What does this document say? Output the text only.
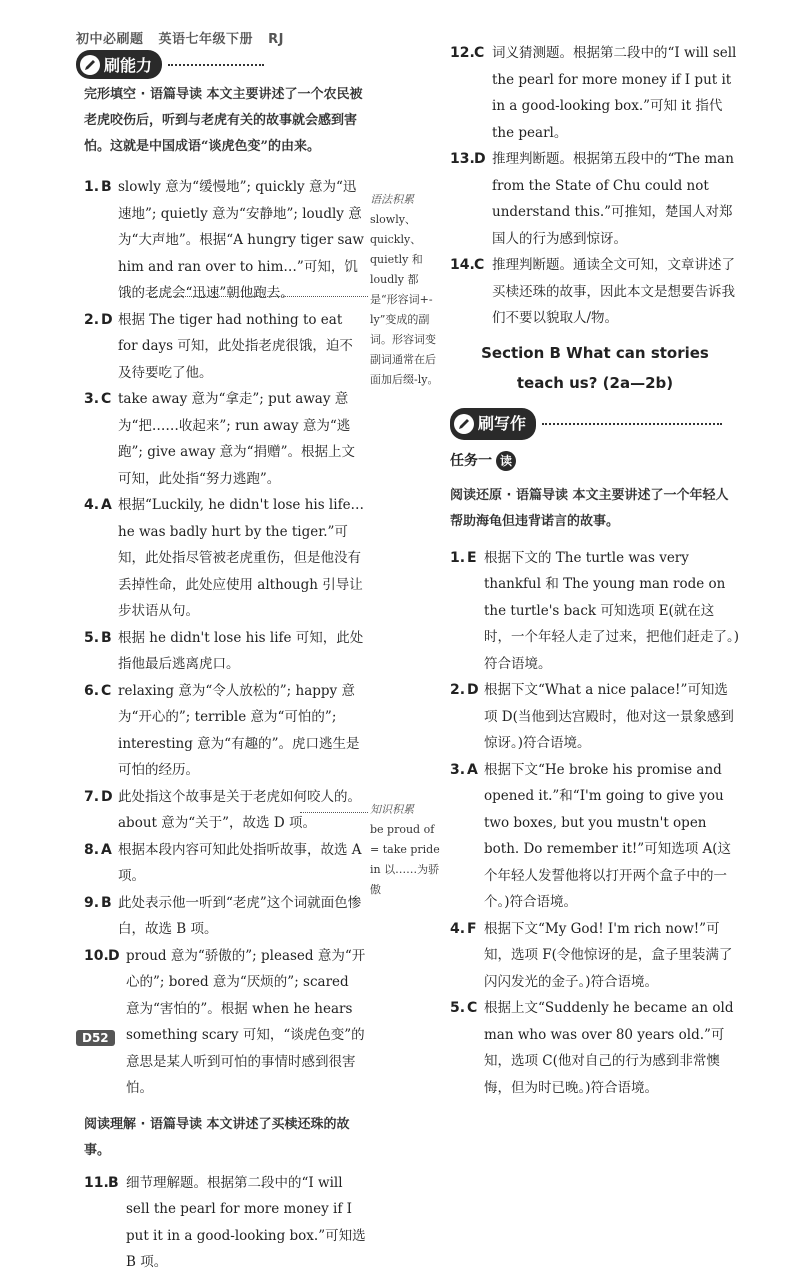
初中必刷题 英语七年级下册 RJ
刷能力
完形填空 · 语篇导读 本文主要讲述了一个农民被老虎咬伤后，听到与老虎有关的故事就会感到害怕。这就是中国成语“谈虎色变”的由来。
1. B slowly 意为“缓慢地”; quickly 意为“迅速地”; quietly 意为“安静地”; loudly 意为“大声地”。根据“A hungry tiger saw him and ran over to him…”可知，饥饿的老虎会“迅速”朝他跑去。
2. D 根据 The tiger had nothing to eat for days 可知，此处指老虎很饿，迫不及待要吃了他。
3. C take away 意为“拿走”; put away 意为“把……收起来”; run away 意为“逃跑”; give away 意为“捐赠”。根据上文可知，此处指“努力逃跑”。
4. A 根据“Luckily, he didn't lose his life… he was badly hurt by the tiger.”可知，此处指尽管被老虎重伤，但是他没有丢掉性命，此处应使用 although 引导让步状语从句。
5. B 根据 he didn't lose his life 可知，此处指他最后逃离虎口。
6. C relaxing 意为“令人放松的”; happy 意为“开心的”; terrible 意为“可怕的”; interesting 意为“有趣的”。虎口逃生是可怕的经历。
7. D 此处指这个故事是关于老虎如何咬人的。about 意为“关于”，故选 D 项。
8. A 根据本段内容可知此处指听故事，故选 A 项。
9. B 此处表示他一听到“老虎”这个词就面色惨白，故选 B 项。
10. D proud 意为“骄傲的”; pleased 意为“开心的”; bored 意为“厌烦的”; scared 意为“害怕的”。根据 when he hears something scary 可知，“谈虎色变”的意思是某人听到可怕的事情时感到很害怕。
阅读理解 · 语篇导读 本文讲述了买椟还珠的故事。
11. B 细节理解题。根据第二段中的“I will sell the pearl for more money if I put it in a good-looking box.”可知选 B 项。
语法积累
slowly、quickly、quietly 和 loudly 都是“形容词+-ly”变成的副词。形容词变副词通常在后面加后缀-ly。
知识积累
be proud of = take pride in 以……为骄傲
12. C 词义猜测题。根据第二段中的“I will sell the pearl for more money if I put it in a good-looking box.”可知 it 指代 the pearl。
13. D 推理判断题。根据第五段中的“The man from the State of Chu could not understand this.”可推知，楚国人对郑国人的行为感到惊讶。
14. C 推理判断题。通读全文可知，文章讲述了买椟还珠的故事，因此本文是想要告诉我们不要以貌取人/物。
Section B What can stories
teach us? (2a—2b)
刷写作
任务一 读
阅读还原 · 语篇导读 本文主要讲述了一个年轻人帮助海龟但违背诺言的故事。
1. E 根据下文的 The turtle was very thankful 和 The young man rode on the turtle's back 可知选项 E(就在这时，一个年轻人走了过来，把他们赶走了。)符合语境。
2. D 根据下文“What a nice palace!”可知选项 D(当他到达宫殿时，他对这一景象感到惊讶。)符合语境。
3. A 根据下文“He broke his promise and opened it.”和“I'm going to give you two boxes, but you mustn't open both. Do remember it!”可知选项 A(这个年轻人发誓他将以打开两个盒子中的一个。)符合语境。
4. F 根据下文“My God! I'm rich now!”可知，选项 F(令他惊讶的是，盒子里装满了闪闪发光的金子。)符合语境。
5. C 根据上文“Suddenly he became an old man who was over 80 years old.”可知，选项 C(他对自己的行为感到非常懊悔，但为时已晚。)符合语境。
D52
